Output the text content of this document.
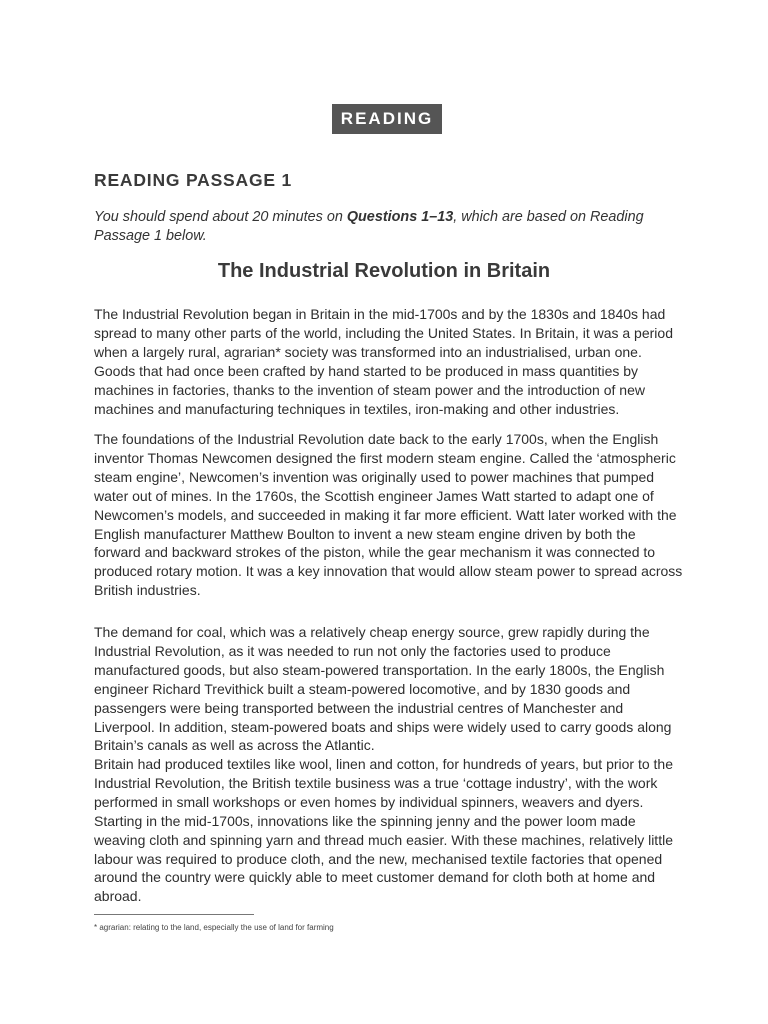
READING
READING PASSAGE 1
You should spend about 20 minutes on Questions 1–13, which are based on Reading Passage 1 below.
The Industrial Revolution in Britain

The Industrial Revolution began in Britain in the mid-1700s and by the 1830s and 1840s had spread to many other parts of the world, including the United States. In Britain, it was a period when a largely rural, agrarian* society was transformed into an industrialised, urban one. Goods that had once been crafted by hand started to be produced in mass quantities by machines in factories, thanks to the invention of steam power and the introduction of new machines and manufacturing techniques in textiles, iron-making and other industries.

The foundations of the Industrial Revolution date back to the early 1700s, when the English inventor Thomas Newcomen designed the first modern steam engine. Called the ‘atmospheric steam engine’, Newcomen’s invention was originally used to power machines that pumped water out of mines. In the 1760s, the Scottish engineer James Watt started to adapt one of Newcomen’s models, and succeeded in making it far more efficient. Watt later worked with the English manufacturer Matthew Boulton to invent a new steam engine driven by both the forward and backward strokes of the piston, while the gear mechanism it was connected to produced rotary motion. It was a key innovation that would allow steam power to spread across British industries.

The demand for coal, which was a relatively cheap energy source, grew rapidly during the Industrial Revolution, as it was needed to run not only the factories used to produce manufactured goods, but also steam-powered transportation. In the early 1800s, the English engineer Richard Trevithick built a steam-powered locomotive, and by 1830 goods and passengers were being transported between the industrial centres of Manchester and Liverpool. In addition, steam-powered boats and ships were widely used to carry goods along Britain’s canals as well as across the Atlantic.

Britain had produced textiles like wool, linen and cotton, for hundreds of years, but prior to the Industrial Revolution, the British textile business was a true ‘cottage industry’, with the work performed in small workshops or even homes by individual spinners, weavers and dyers. Starting in the mid-1700s, innovations like the spinning jenny and the power loom made weaving cloth and spinning yarn and thread much easier. With these machines, relatively little labour was required to produce cloth, and the new, mechanised textile factories that opened around the country were quickly able to meet customer demand for cloth both at home and abroad.

* agrarian: relating to the land, especially the use of land for farming
